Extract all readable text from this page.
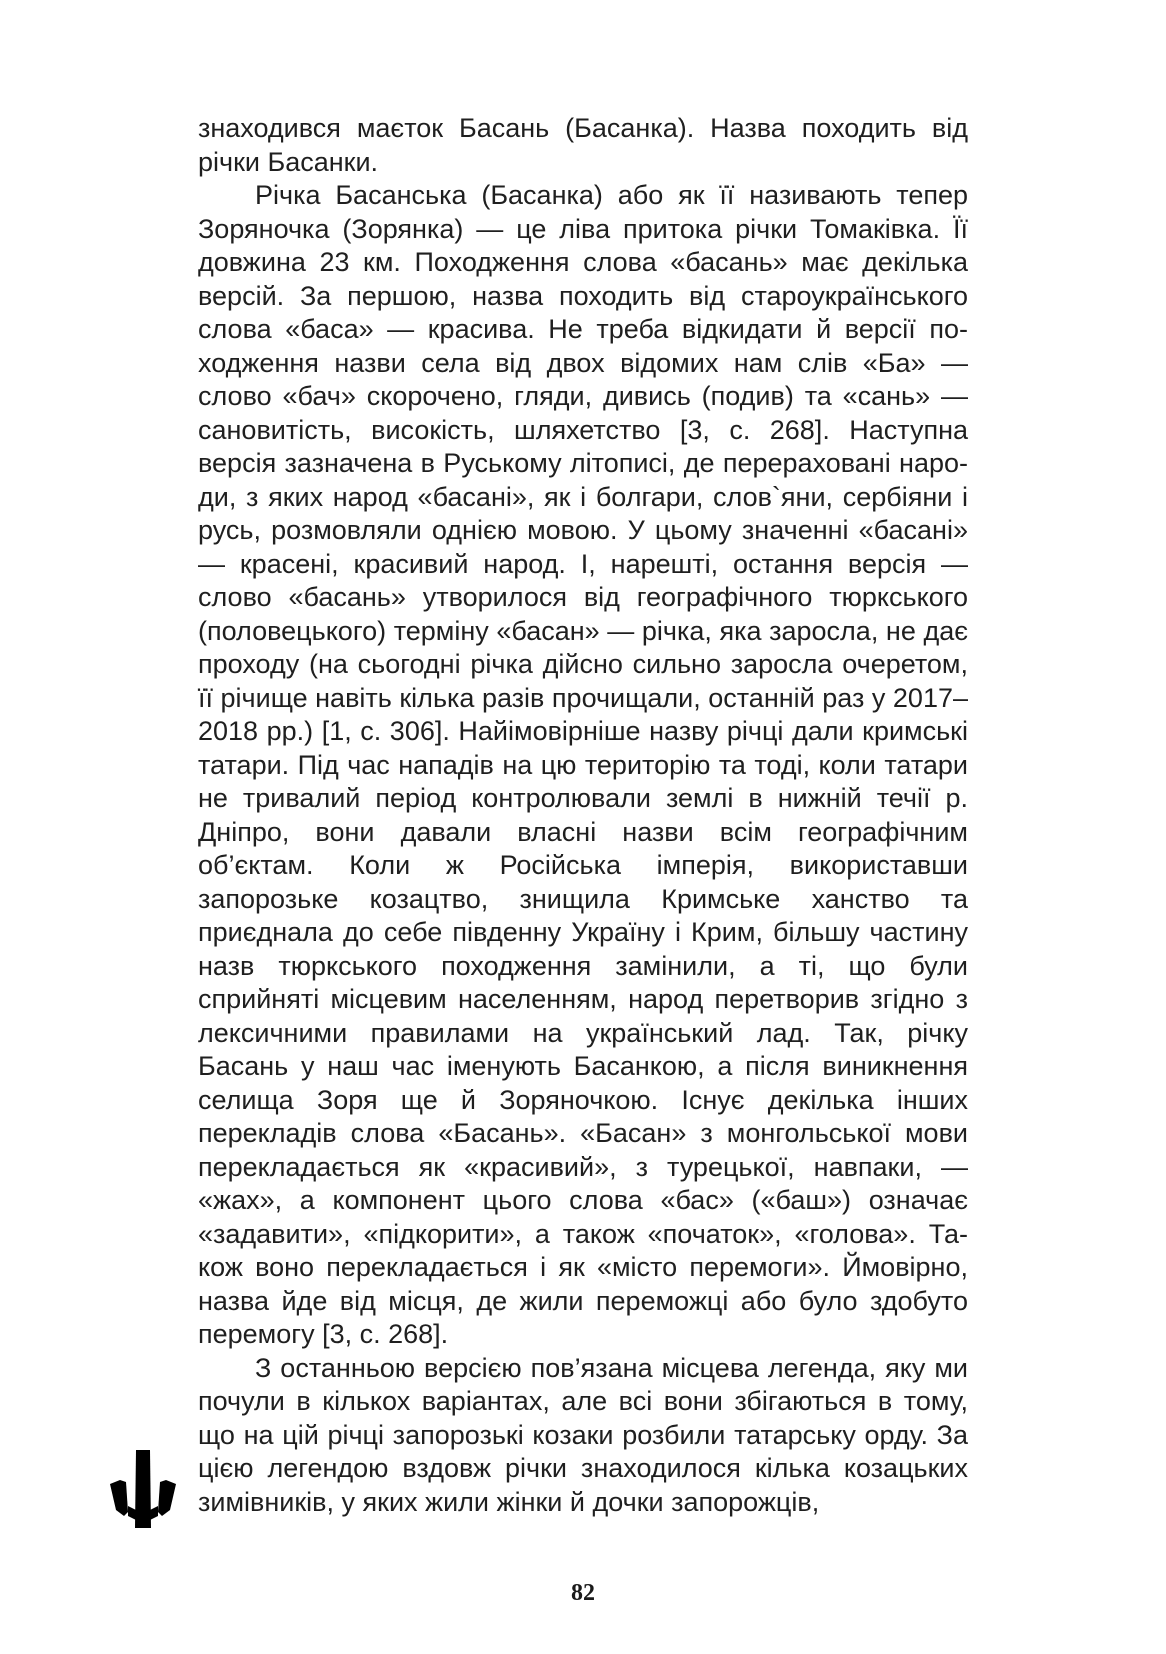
знаходився маєток Басань (Басанка). Назва походить від річки Басанки.

Річка Басанська (Басанка) або як її називають тепер Зоряночка (Зорянка) — це ліва притока річки Томаківка. Її довжина 23 км. Походження слова «басань» має декілька версій. За першою, назва походить від староукраїнського слова «баса» — красива. Не треба відкидати й версії походження назви села від двох відомих нам слів «Ба» — слово «бач» скорочено, гляди, дивись (подив) та «сань» — сановитість, високість, шляхетство [3, с. 268]. Наступна версія зазначена в Руському літописі, де перераховані народи, з яких народ «басані», як і болгари, слов`яни, сербіяни і русь, розмовляли однією мовою. У цьому значенні «басані» — красені, красивий народ. І, нарешті, остання версія — слово «басань» утворилося від географічного тюркського (половецького) терміну «басан» — річка, яка заросла, не дає проходу (на сьогодні річка дійсно сильно заросла очеретом, її річище навіть кілька разів прочищали, останній раз у 2017–2018 рр.) [1, с. 306]. Найімовірніше назву річці дали кримські татари. Під час нападів на цю територію та тоді, коли татари не тривалий період контролювали землі в нижній течії р. Дніпро, вони давали власні назви всім географічним об’єктам. Коли ж Російська імперія, використавши запорозьке козацтво, знищила Кримське ханство та приєднала до себе південну Україну і Крим, більшу частину назв тюркського походження замінили, а ті, що були сприйняті місцевим населенням, народ перетворив згідно з лексичними правилами на український лад. Так, річку Басань у наш час іменують Басанкою, а після виникнення селища Зоря ще й Зоряночкою. Існує декілька інших перекладів слова «Басань». «Басан» з монгольської мови перекладається як «красивий», з турецької, навпаки, — «жах», а компонент цього слова «бас» («баш») означає «задавити», «підкорити», а також «початок», «голова». Також воно перекладається і як «місто перемоги». Ймовірно, назва йде від місця, де жили переможці або було здобуто перемогу [3, с. 268].

З останньою версією пов’язана місцева легенда, яку ми почули в кількох варіантах, але всі вони збігаються в тому, що на цій річці запорозькі козаки розбили татарську орду. За цією легендою вздовж річки знаходилося кілька козацьких зимівників, у яких жили жінки й дочки запорожців,

82
